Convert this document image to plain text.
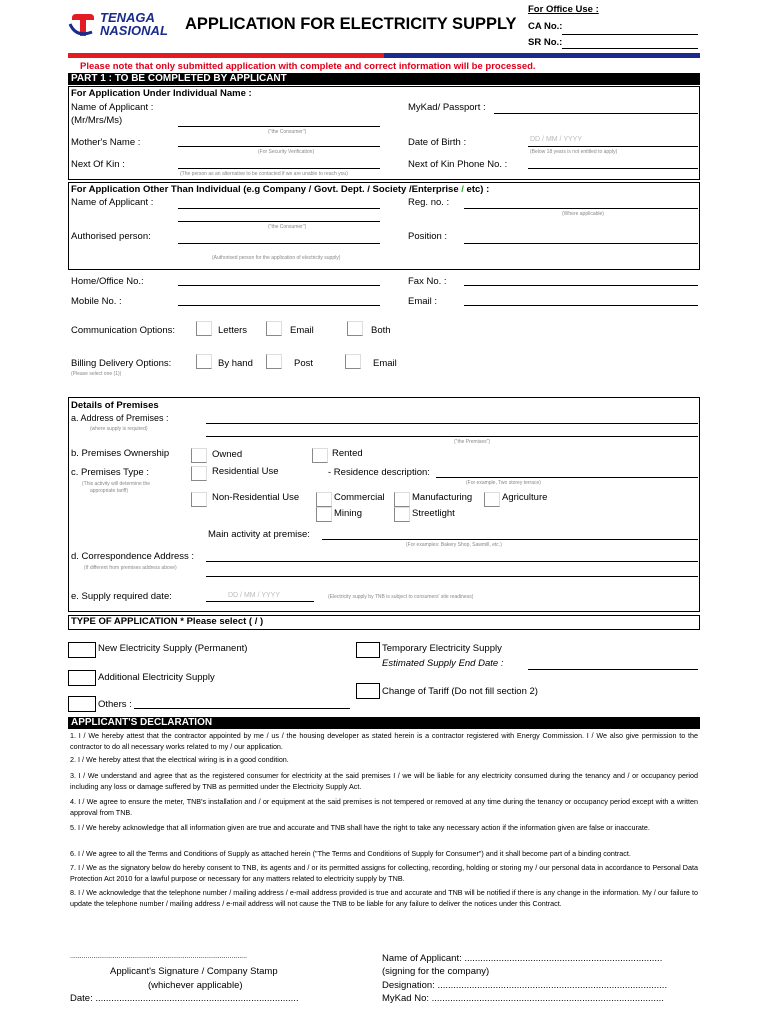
TENAGA
NASIONAL APPLICATION FOR ELECTRICITY SUPPLY
For Office Use :
CA No.:
SR No.:
Please note that only submitted application with complete and correct information will be processed.
PART 1 : TO BE COMPLETED BY APPLICANT
For Application Under Individual Name :
Name of Applicant :
(Mr/Mrs/Ms)
("the Consumer")
MyKad/ Passport :
Mother's Name :
(For Security Verification)
Date of Birth :	DD / MM / YYYY
(Below 18 years is not entitled to apply)
Next Of Kin :
(The person as an alternative to be contacted if we are unable to reach you)
Next of Kin Phone No. :
For Application Other Than Individual (e.g Company / Govt. Dept. / Society /Enterprise / etc) :
Name of Applicant :
("the Consumer")
Reg. no. :
(Where applicable)
Authorised person:
(Authorised person for the application of electricity supply)
Position :
Home/Office No.:	Fax No. :
Mobile No. :	Email :
Communication Options:	Letters	Email	Both
Billing Delivery Options:
(Please select one (1))
By hand	Post	Email
Details of Premises
a. Address of Premises :
(where supply is required)
("the Premises")
b. Premises Ownership	Owned	Rented
c. Premises Type :
(This activity will determine the
appropriate tariff)
Residential Use	- Residence description:
(For example, Two storey terrace)
Non-Residential Use	Commercial	Manufacturing	Agriculture
Mining	Streetlight
Main activity at premise:
(For examples: Bakery Shop, Sawmill, etc.)
d. Correspondence Address :
(If different from premises address above)
e. Supply required date:	DD / MM / YYYY	(Electricity supply by TNB is subject to consumers' site readiness)
TYPE OF APPLICATION * Please select ( / )
New Electricity Supply (Permanent)	Temporary Electricity Supply
Estimated Supply End Date :
Additional Electricity Supply
Change of Tariff (Do not fill section 2)
Others :
APPLICANT'S DECLARATION
1. I / We hereby attest that the contractor appointed by me / us / the housing developer as stated herein is a contractor registered with Energy Commission. I / We also give permission to the contractor to do all necessary works related to my / our application.
2. I / We hereby attest that the electrical wiring is in a good condition.
3. I / We understand and agree that as the registered consumer for electricity at the said premises I / we will be liable for any electricity consumed during the tenancy and / or occupancy period including any loss or damage suffered by TNB as permitted under the Electricity Supply Act.
4. I / We agree to ensure the meter, TNB's installation and / or equipment at the said premises is not tempered or removed at any time during the tenancy or occupancy period except with a written approval from TNB.
5. I / We hereby acknowledge that all information given are true and accurate and TNB shall have the right to take any necessary action if the information given are false or inaccurate.
6. I / We agree to all the Terms and Conditions of Supply as attached herein ("The Terms and Conditions of Supply for Consumer") and it shall become part of a binding contract.
7. I / We as the signatory below do hereby consent to TNB, its agents and / or its permitted assigns for collecting, recording, holding or storing my / our personal data in accordance to Personal Data Protection Act 2010 for a lawful purpose or necessary for any matters related to electricity supply by TNB.
8. I / We acknowledge that the telephone number / mailing address / e-mail address provided is true and accurate and TNB will be notified if there is any change in the information. My / our failure to update the telephone number / mailing address / e-mail address will not cause the TNB to be liable for any failure to deliver the notices under this Contract.
...........................................................................................
Applicant's Signature / Company Stamp
(whichever applicable)
Date: .............................................................................
Name of Applicant: ...........................................................................
(signing for the company)
Designation: .......................................................................................
MyKad No: ........................................................................................
